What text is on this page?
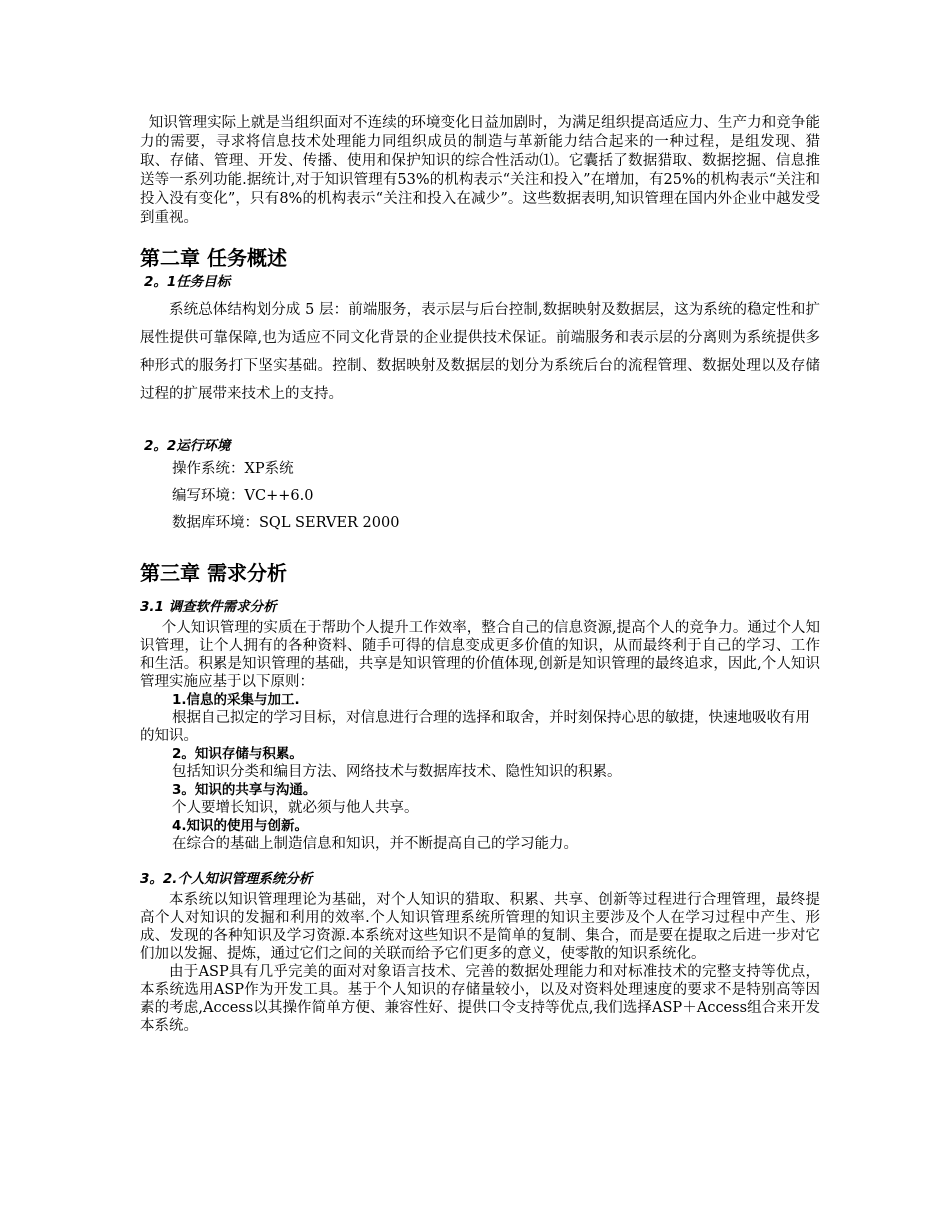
知识管理实际上就是当组织面对不连续的环境变化日益加剧时，为满足组织提高适应力、生产力和竞争能力的需要，寻求将信息技术处理能力同组织成员的制造与革新能力结合起来的一种过程，是组发现、猎取、存储、管理、开发、传播、使用和保护知识的综合性活动⑴。它囊括了数据猎取、数据挖掘、信息推送等一系列功能.据统计,对于知识管理有53%的机构表示“关注和投入”在增加，有25%的机构表示“关注和投入没有变化”，只有8%的机构表示“关注和投入在减少”。这些数据表明,知识管理在国内外企业中越发受到重视。

第二章 任务概述
2。1任务目标

系统总体结构划分成 5 层：前端服务，表示层与后台控制,数据映射及数据层，这为系统的稳定性和扩展性提供可靠保障,也为适应不同文化背景的企业提供技术保证。前端服务和表示层的分离则为系统提供多种形式的服务打下坚实基础。控制、数据映射及数据层的划分为系统后台的流程管理、数据处理以及存储过程的扩展带来技术上的支持。

2。2运行环境

操作系统：XP系统

编写环境：VC++6.0

数据库环境：SQL SERVER 2000

第三章 需求分析
3.1 调查软件需求分析

个人知识管理的实质在于帮助个人提升工作效率，整合自己的信息资源,提高个人的竞争力。通过个人知识管理，让个人拥有的各种资料、随手可得的信息变成更多价值的知识，从而最终利于自己的学习、工作和生活。积累是知识管理的基础，共享是知识管理的价值体现,创新是知识管理的最终追求，因此,个人知识管理实施应基于以下原则：

1.信息的采集与加工.

根据自己拟定的学习目标，对信息进行合理的选择和取舍，并时刻保持心思的敏捷，快速地吸收有用的知识。

2。知识存储与积累。

包括知识分类和编目方法、网络技术与数据库技术、隐性知识的积累。

3。知识的共享与沟通。

个人要增长知识，就必须与他人共享。

4.知识的使用与创新。

在综合的基础上制造信息和知识，并不断提高自己的学习能力。

3。2.个人知识管理系统分析

本系统以知识管理理论为基础，对个人知识的猎取、积累、共享、创新等过程进行合理管理，最终提高个人对知识的发掘和利用的效率.个人知识管理系统所管理的知识主要涉及个人在学习过程中产生、形成、发现的各种知识及学习资源.本系统对这些知识不是简单的复制、集合，而是要在提取之后进一步对它们加以发掘、提炼，通过它们之间的关联而给予它们更多的意义，使零散的知识系统化。

由于ASP具有几乎完美的面对对象语言技术、完善的数据处理能力和对标准技术的完整支持等优点，本系统选用ASP作为开发工具。基于个人知识的存储量较小，以及对资料处理速度的要求不是特别高等因素的考虑,Access以其操作简单方便、兼容性好、提供口令支持等优点,我们选择ASP＋Access组合来开发本系统。
